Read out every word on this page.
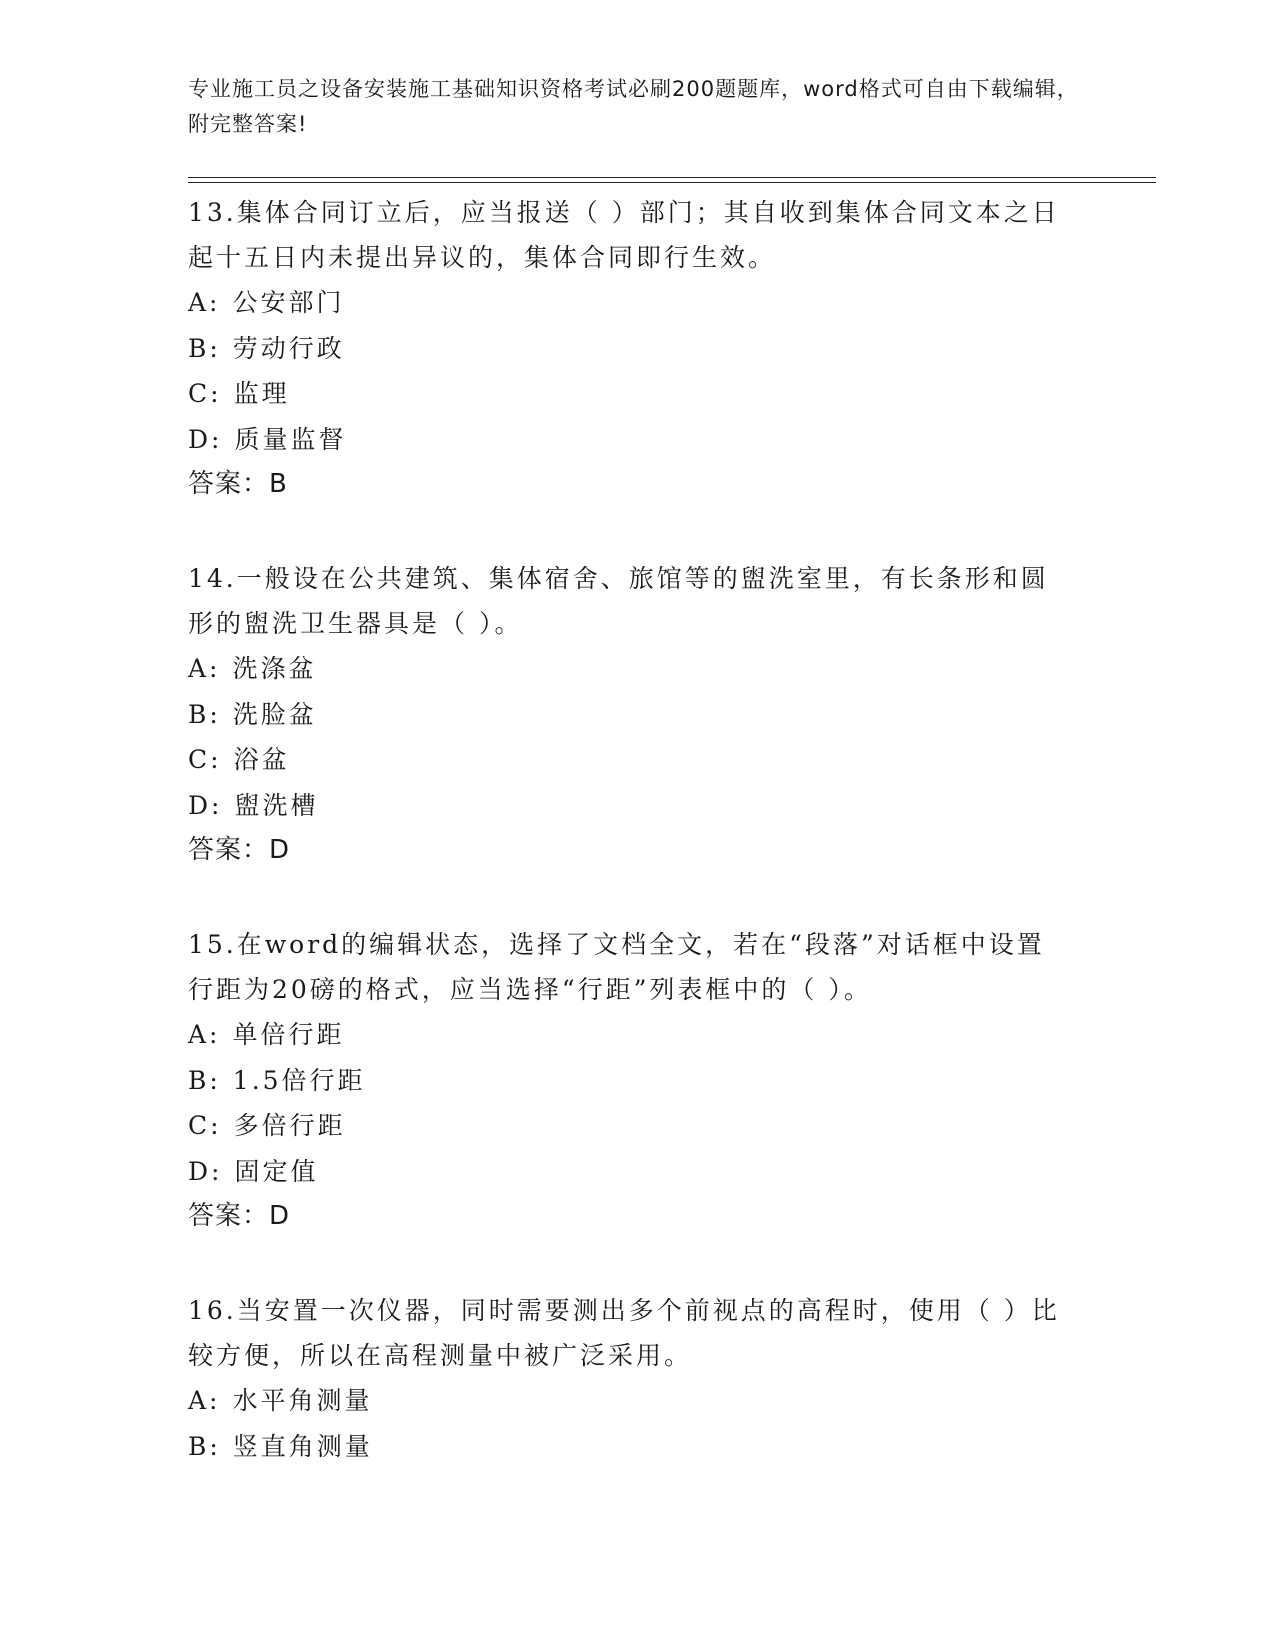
专业施工员之设备安装施工基础知识资格考试必刷200题题库，word格式可自由下载编辑，附完整答案!
13.集体合同订立后，应当报送（ ）部门；其自收到集体合同文本之日起十五日内未提出异议的，集体合同即行生效。
A: 公安部门
B: 劳动行政
C: 监理
D: 质量监督
答案：B
14.一般设在公共建筑、集体宿舍、旅馆等的盥洗室里，有长条形和圆形的盥洗卫生器具是（ ）。
A: 洗涤盆
B: 洗脸盆
C: 浴盆
D: 盥洗槽
答案：D
15.在word的编辑状态，选择了文档全文，若在“段落”对话框中设置行距为20磅的格式，应当选择“行距”列表框中的（ ）。
A: 单倍行距
B: 1.5倍行距
C: 多倍行距
D: 固定值
答案：D
16.当安置一次仪器，同时需要测出多个前视点的高程时，使用（ ）比较方便，所以在高程测量中被广泛采用。
A: 水平角测量
B: 竖直角测量
